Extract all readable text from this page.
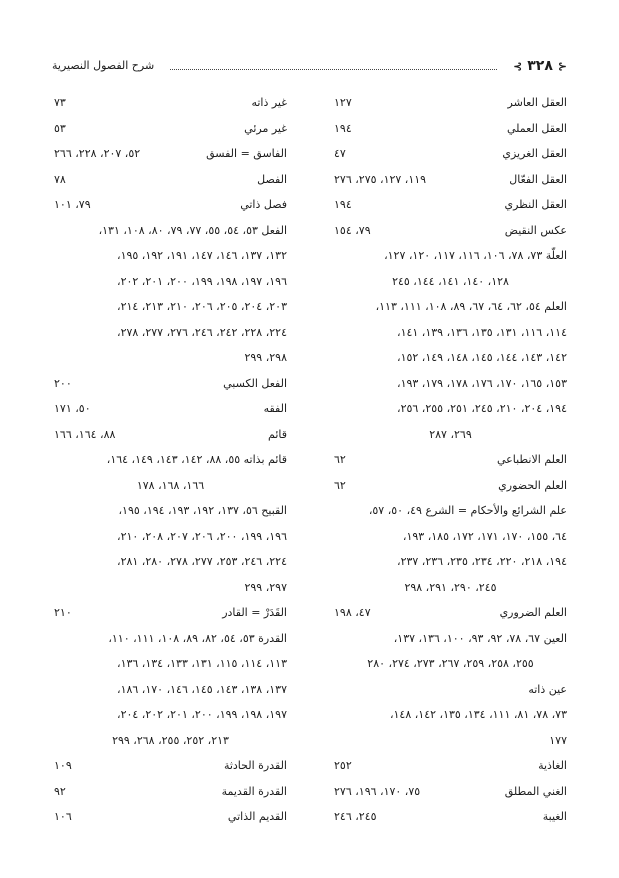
⊰ ٣٢٨ ⊱
شرح الفصول النصيرية
العقل العاشر
١٢٧
العقل العملي
١٩٤
العقل الغريزي
٤٧
العقل الفعّال
١١٩، ١٢٧، ٢٧٥، ٢٧٦
العقل النظري
١٩٤
عكس النقيض
٧٩، ١٥٤
العلّة ٧٣، ٧٨، ١٠٦، ١١٦، ١١٧، ١٢٠، ١٢٧،
١٢٨، ١٤٠، ١٤١، ١٤٤، ٢٤٥
العلم ٥٤، ٦٢، ٦٤، ٦٧، ٨٩، ١٠٨، ١١١، ١١٣،
١١٤، ١١٦، ١٣١، ١٣٥، ١٣٦، ١٣٩، ١٤١،
١٤٢، ١٤٣، ١٤٤، ١٤٥، ١٤٨، ١٤٩، ١٥٢،
١٥٣، ١٦٥، ١٧٠، ١٧٦، ١٧٨، ١٧٩، ١٩٣،
١٩٤، ٢٠٤، ٢١٠، ٢٤٥، ٢٥١، ٢٥٥، ٢٥٦،
٢٦٩، ٢٨٧
العلم الانطباعي
٦٢
العلم الحضوري
٦٢
علم الشرائع والأحكام = الشرع ٤٩، ٥٠، ٥٧،
٦٤، ١٥٥، ١٧٠، ١٧١، ١٧٢، ١٨٥، ١٩٣،
١٩٤، ٢١٨، ٢٢٠، ٢٣٤، ٢٣٥، ٢٣٦، ٢٣٧،
٢٤٥، ٢٩٠، ٢٩١، ٢٩٨
العلم الضروري
٤٧، ١٩٨
العين ٦٧، ٧٨، ٩٢، ٩٣، ١٠٠، ١٣٦، ١٣٧،
٢٥٥، ٢٥٨، ٢٥٩، ٢٦٧، ٢٧٣، ٢٧٤، ٢٨٠
عين ذاته
٧٣، ٧٨، ٨١، ١١١، ١٣٤، ١٣٥، ١٤٢، ١٤٨،
١٧٧
الغاذية
٢٥٢
الغني المطلق
٧٥، ١٧٠، ١٩٦، ٢٧٦
الغيبة
٢٤٥، ٢٤٦
غير ذاته
٧٣
غير مرئي
٥٣
الفاسق = الفسق
٥٢، ٢٠٧، ٢٢٨، ٢٦٦
الفصل
٧٨
فصل ذاتي
٧٩، ١٠١
الفعل ٥٣، ٥٤، ٥٥، ٧٧، ٧٩، ٨٠، ١٠٨، ١٣١،
١٣٢، ١٣٧، ١٤٦، ١٤٧، ١٩١، ١٩٢، ١٩٥،
١٩٦، ١٩٧، ١٩٨، ١٩٩، ٢٠٠، ٢٠١، ٢٠٢،
٢٠٣، ٢٠٤، ٢٠٥، ٢٠٦، ٢١٠، ٢١٣، ٢١٤،
٢٢٤، ٢٢٨، ٢٤٢، ٢٤٦، ٢٧٦، ٢٧٧، ٢٧٨،
٢٩٨، ٢٩٩
الفعل الكسبي
٢٠٠
الفقه
٥٠، ١٧١
قائم
٨٨، ١٦٤، ١٦٦
قائم بذاته ٥٥، ٨٨، ١٤٢، ١٤٣، ١٤٩، ١٦٤،
١٦٦، ١٦٨، ١٧٨
القبيح ٥٦، ١٣٧، ١٩٢، ١٩٣، ١٩٤، ١٩٥،
١٩٦، ١٩٩، ٢٠٠، ٢٠٦، ٢٠٧، ٢٠٨، ٢١٠،
٢٢٤، ٢٤٦، ٢٥٣، ٢٧٧، ٢٧٨، ٢٨٠، ٢٨١،
٢٩٧، ٢٩٩
القَدَرْ = القادر
٢١٠
القدرة ٥٣، ٥٤، ٨٢، ٨٩، ١٠٨، ١١١، ١١٠،
١١٣، ١١٤، ١١٥، ١٣١، ١٣٣، ١٣٤، ١٣٦،
١٣٧، ١٣٨، ١٤٣، ١٤٥، ١٤٦، ١٧٠، ١٨٦،
١٩٧، ١٩٨، ١٩٩، ٢٠٠، ٢٠١، ٢٠٢، ٢٠٤،
٢١٣، ٢٥٢، ٢٥٥، ٢٦٨، ٢٩٩
القدرة الحادثة
١٠٩
القدرة القديمة
٩٢
القديم الذاتي
١٠٦
